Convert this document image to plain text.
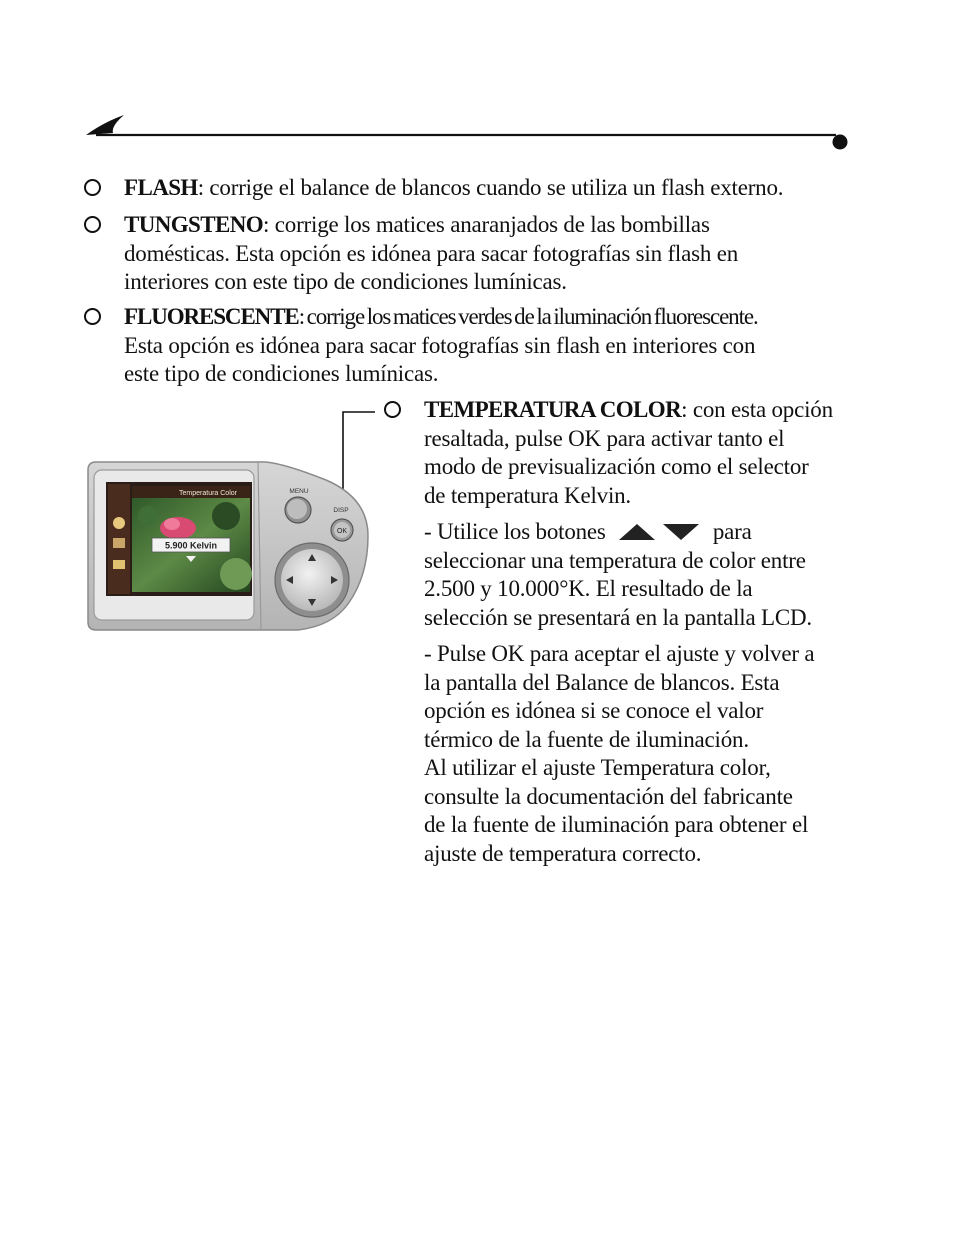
FLASH: corrige el balance de blancos cuando se utiliza un flash externo.

TUNGSTENO: corrige los matices anaranjados de las bombillas
domésticas. Esta opción es idónea para sacar fotografías sin flash en
interiores con este tipo de condiciones lumínicas.

FLUORESCENTE: corrige los matices verdes de la iluminación fluorescente.
Esta opción es idónea para sacar fotografías sin flash en interiores con
este tipo de condiciones lumínicas.

TEMPERATURA COLOR: con esta opción
resaltada, pulse OK para activar tanto el
modo de previsualización como el selector
de temperatura Kelvin.

- Utilice los botones	para
seleccionar una temperatura de color entre
2.500 y 10.000°K. El resultado de la
selección se presentará en la pantalla LCD.

- Pulse OK para aceptar el ajuste y volver a
la pantalla del Balance de blancos. Esta
opción es idónea si se conoce el valor
térmico de la fuente de iluminación.
Al utilizar el ajuste Temperatura color,
consulte la documentación del fabricante
de la fuente de iluminación para obtener el
ajuste de temperatura correcto.

Temperatura Color
5.900 Kelvin
MENU
DISP
OK
